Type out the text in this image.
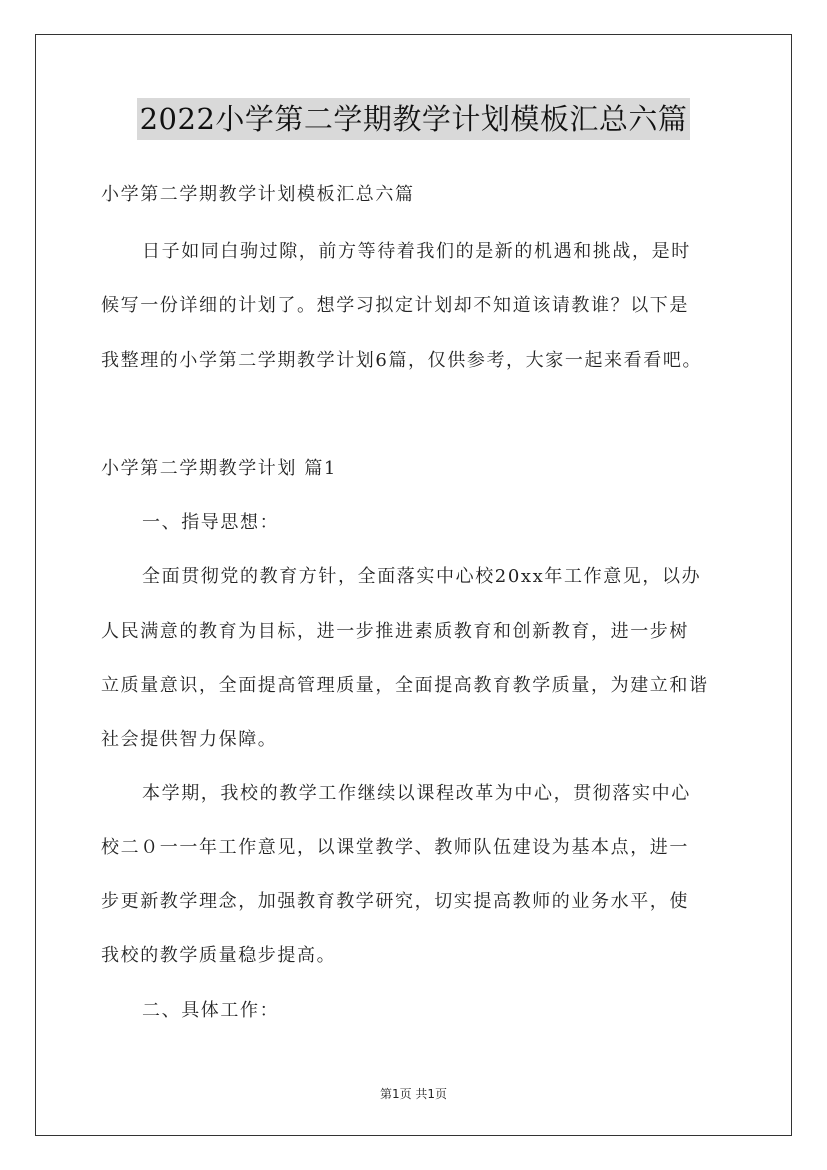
2022小学第二学期教学计划模板汇总六篇
小学第二学期教学计划模板汇总六篇
日子如同白驹过隙，前方等待着我们的是新的机遇和挑战，是时
候写一份详细的计划了。想学习拟定计划却不知道该请教谁？以下是
我整理的小学第二学期教学计划6篇，仅供参考，大家一起来看看吧。
小学第二学期教学计划 篇1
一、指导思想：
全面贯彻党的教育方针，全面落实中心校20xx年工作意见，以办
人民满意的教育为目标，进一步推进素质教育和创新教育，进一步树
立质量意识，全面提高管理质量，全面提高教育教学质量，为建立和谐
社会提供智力保障。
本学期，我校的教学工作继续以课程改革为中心，贯彻落实中心
校二０一一年工作意见，以课堂教学、教师队伍建设为基本点，进一
步更新教学理念，加强教育教学研究，切实提高教师的业务水平，使
我校的教学质量稳步提高。
二、具体工作：
第1页 共1页
